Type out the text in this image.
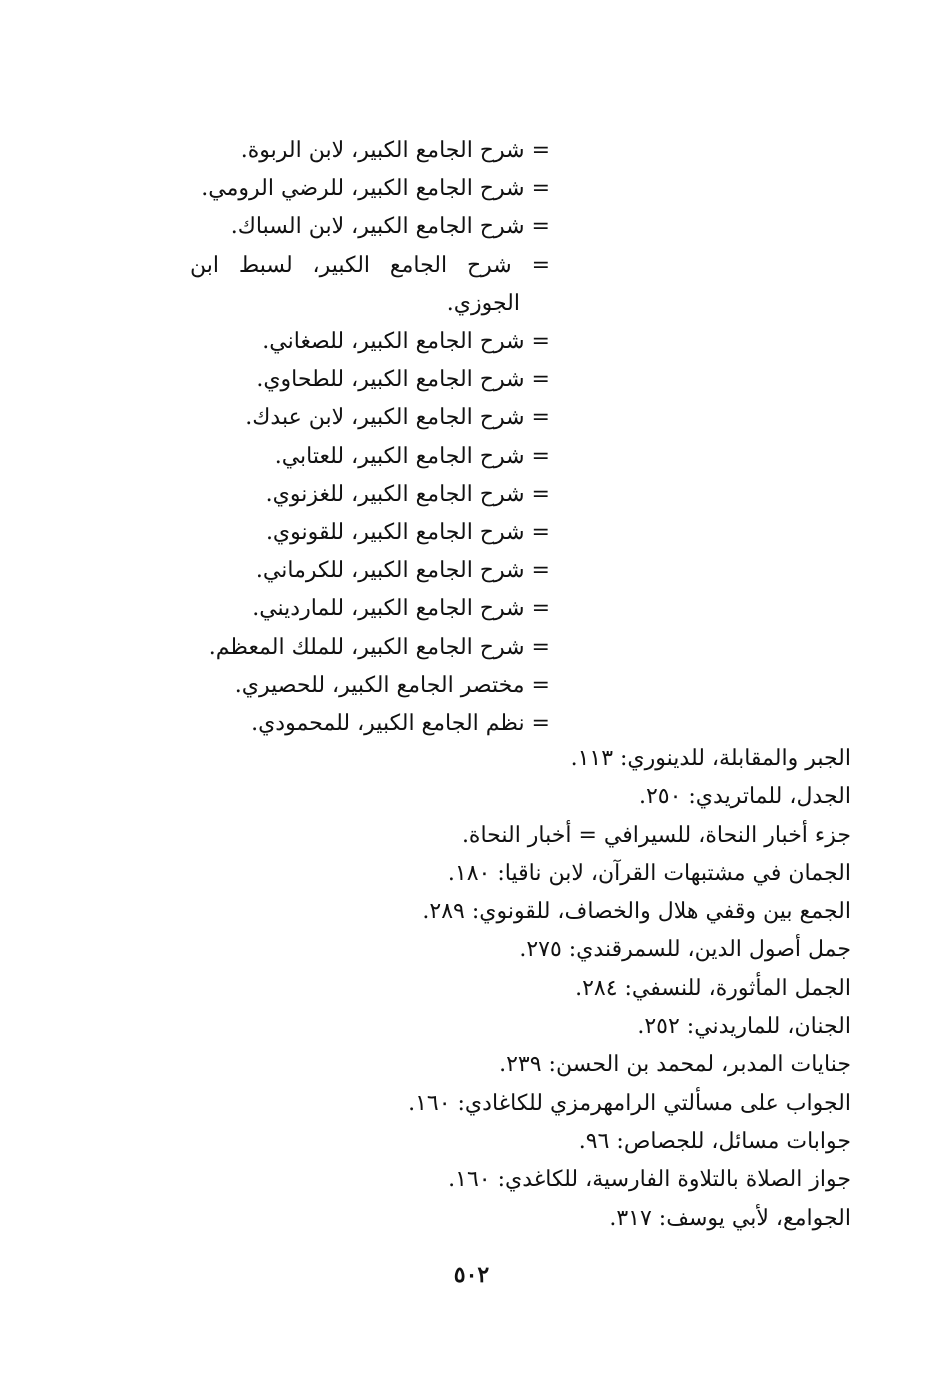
= شرح الجامع الكبير، لابن الربوة.
= شرح الجامع الكبير، للرضي الرومي.
= شرح الجامع الكبير، لابن السباك.
= شرح الجامع الكبير، لسبط ابن
الجوزي.
= شرح الجامع الكبير، للصغاني.
= شرح الجامع الكبير، للطحاوي.
= شرح الجامع الكبير، لابن عبدك.
= شرح الجامع الكبير، للعتابي.
= شرح الجامع الكبير، للغزنوي.
= شرح الجامع الكبير، للقونوي.
= شرح الجامع الكبير، للكرماني.
= شرح الجامع الكبير، للمارديني.
= شرح الجامع الكبير، للملك المعظم.
= مختصر الجامع الكبير، للحصيري.
= نظم الجامع الكبير، للمحمودي.
الجبر والمقابلة، للدينوري: ١١٣.
الجدل، للماتريدي: ٢٥٠.
جزء أخبار النحاة، للسيرافي = أخبار النحاة.
الجمان في مشتبهات القرآن، لابن ناقيا: ١٨٠.
الجمع بين وقفي هلال والخصاف، للقونوي: ٢٨٩.
جمل أصول الدين، للسمرقندي: ٢٧٥.
الجمل المأثورة، للنسفي: ٢٨٤.
الجنان، للماريدني: ٢٥٢.
جنايات المدبر، لمحمد بن الحسن: ٢٣٩.
الجواب على مسألتي الرامهرمزي للكاغادي: ١٦٠.
جوابات مسائل، للجصاص: ٩٦.
جواز الصلاة بالتلاوة الفارسية، للكاغدي: ١٦٠.
الجوامع، لأبي يوسف: ٣١٧.
٥٠٢
